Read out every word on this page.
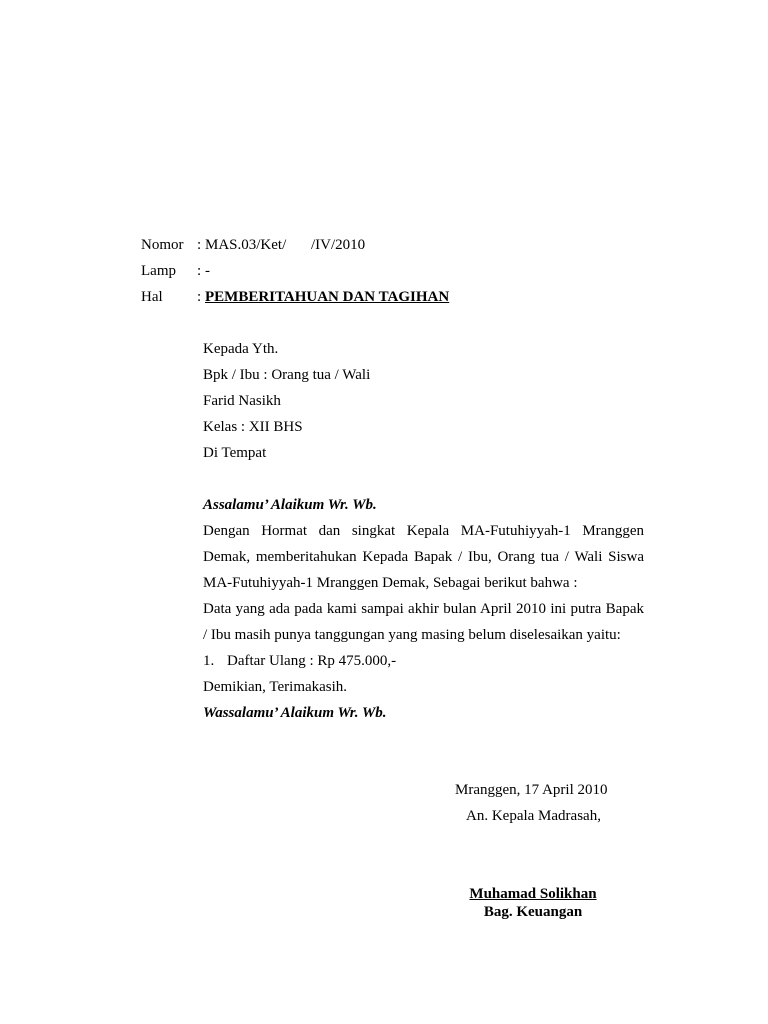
Nomor : MAS.03/Ket/ /IV/2010
Lamp : -
Hal : PEMBERITAHUAN DAN TAGIHAN
Kepada Yth.
Bpk / Ibu : Orang tua / Wali
Farid Nasikh
Kelas : XII BHS
Di Tempat
Assalamu’ Alaikum Wr. Wb.
Dengan Hormat dan singkat Kepala MA-Futuhiyyah-1 Mranggen
Demak, memberitahukan Kepada Bapak / Ibu, Orang tua / Wali Siswa
MA-Futuhiyyah-1 Mranggen Demak, Sebagai berikut bahwa :
Data yang ada pada kami sampai akhir bulan April 2010 ini putra Bapak
/ Ibu masih punya tanggungan yang masing belum diselesaikan yaitu:
1. Daftar Ulang : Rp 475.000,-
Demikian, Terimakasih.
Wassalamu’ Alaikum Wr. Wb.
Mranggen, 17 April 2010
An. Kepala Madrasah,
Muhamad Solikhan
Bag. Keuangan
